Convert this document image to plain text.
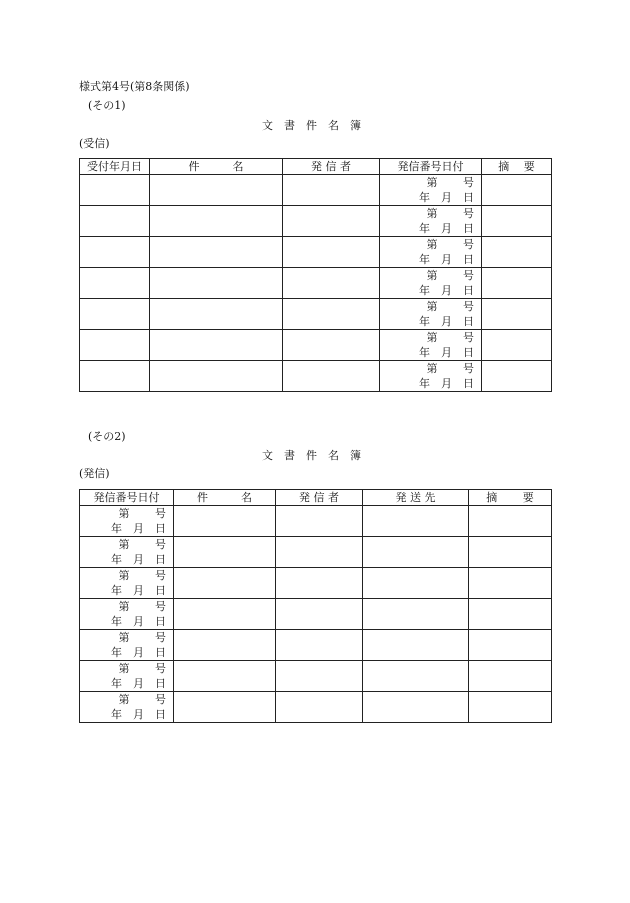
様式第4号(第8条関係)
(その1)
文　書　件　名　簿
(受信)
受付年月日	件　　　名	発 信 者	発信番号日付	摘　 要

			第　　 号
年　月　日	

			第　　 号
年　月　日	

			第　　 号
年　月　日	

			第　　 号
年　月　日	

			第　　 号
年　月　日	

			第　　 号
年　月　日	

			第　　 号
年　月　日	

(その2)
文　書　件　名　簿
(発信)
発信番号日付	件　　　名	発 信 者	発 送 先	摘　　 要

第　　 号
年　月　日				

第　　 号
年　月　日				

第　　 号
年　月　日				

第　　 号
年　月　日				

第　　 号
年　月　日				

第　　 号
年　月　日				

第　　 号
年　月　日				
